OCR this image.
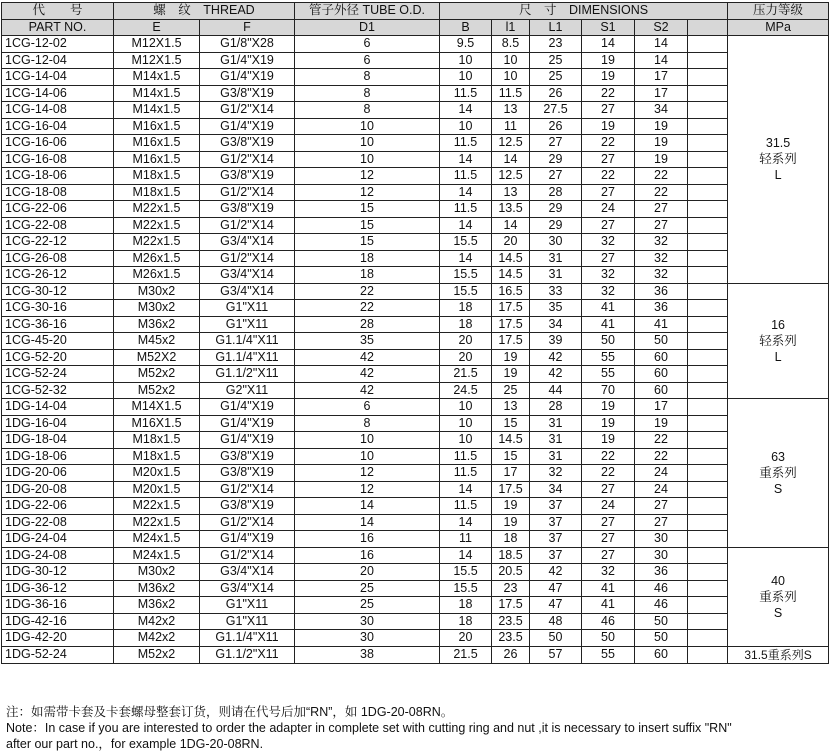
代　　号	螺　纹　THREAD		管子外径 TUBE O.D.	尺　寸　DIMENSIONS						压力等级
PART NO.	E	F	D1	B	l1	L1	S1	S2		MPa
1CG-12-02	M12X1.5	G1/8"X28	6	9.5	8.5	23	14	14		31.5
轻系列
L

1CG-12-04	M12X1.5	G1/4"X19	6	10	10	25	19	14		
1CG-14-04	M14x1.5	G1/4"X19	8	10	10	25	19	17		
1CG-14-06	M14x1.5	G3/8"X19	8	11.5	11.5	26	22	17		
1CG-14-08	M14x1.5	G1/2"X14	8	14	13	27.5	27	34		
1CG-16-04	M16x1.5	G1/4"X19	10	10	11	26	19	19		
1CG-16-06	M16x1.5	G3/8"X19	10	11.5	12.5	27	22	19		
1CG-16-08	M16x1.5	G1/2"X14	10	14	14	29	27	19		
1CG-18-06	M18x1.5	G3/8"X19	12	11.5	12.5	27	22	22		
1CG-18-08	M18x1.5	G1/2"X14	12	14	13	28	27	22		
1CG-22-06	M22x1.5	G3/8"X19	15	11.5	13.5	29	24	27		
1CG-22-08	M22x1.5	G1/2"X14	15	14	14	29	27	27		
1CG-22-12	M22x1.5	G3/4"X14	15	15.5	20	30	32	32		
1CG-26-08	M26x1.5	G1/2"X14	18	14	14.5	31	27	32		
1CG-26-12	M26x1.5	G3/4"X14	18	15.5	14.5	31	32	32		
1CG-30-12	M30x2	G3/4"X14	22	15.5	16.5	33	32	36		16
轻系列
L

1CG-30-16	M30x2	G1"X11	22	18	17.5	35	41	36		
1CG-36-16	M36x2	G1"X11	28	18	17.5	34	41	41		
1CG-45-20	M45x2	G1.1/4"X11	35	20	17.5	39	50	50		
1CG-52-20	M52X2	G1.1/4"X11	42	20	19	42	55	60		
1CG-52-24	M52x2	G1.1/2"X11	42	21.5	19	42	55	60		
1CG-52-32	M52x2	G2"X11	42	24.5	25	44	70	60		
1DG-14-04	M14X1.5	G1/4"X19	6	10	13	28	19	17		63
重系列
S

1DG-16-04	M16X1.5	G1/4"X19	8	10	15	31	19	19		
1DG-18-04	M18x1.5	G1/4"X19	10	10	14.5	31	19	22		
1DG-18-06	M18x1.5	G3/8"X19	10	11.5	15	31	22	22		
1DG-20-06	M20x1.5	G3/8"X19	12	11.5	17	32	22	24		
1DG-20-08	M20x1.5	G1/2"X14	12	14	17.5	34	27	24		
1DG-22-06	M22x1.5	G3/8"X19	14	11.5	19	37	24	27		
1DG-22-08	M22x1.5	G1/2"X14	14	14	19	37	27	27		
1DG-24-04	M24x1.5	G1/4"X19	16	11	18	37	27	30		
1DG-24-08	M24x1.5	G1/2"X14	16	14	18.5	37	27	30		40
重系列
S

1DG-30-12	M30x2	G3/4"X14	20	15.5	20.5	42	32	36		
1DG-36-12	M36x2	G3/4"X14	25	15.5	23	47	41	46		
1DG-36-16	M36x2	G1"X11	25	18	17.5	47	41	46		
1DG-42-16	M42x2	G1"X11	30	18	23.5	48	46	50		
1DG-42-20	M42x2	G1.1/4"X11	30	20	23.5	50	50	50		
1DG-52-24	M52x2	G1.1/2"X11	38	21.5	26	57	55	60		31.5重系列S
注：如需带卡套及卡套螺母整套订货，则请在代号后加“RN”，如 1DG-20-08RN。
Note：In case if you are interested to order the adapter in complete set with cutting ring and nut ,it is necessary to insert suffix "RN"
after our part no.，for example 1DG-20-08RN.
